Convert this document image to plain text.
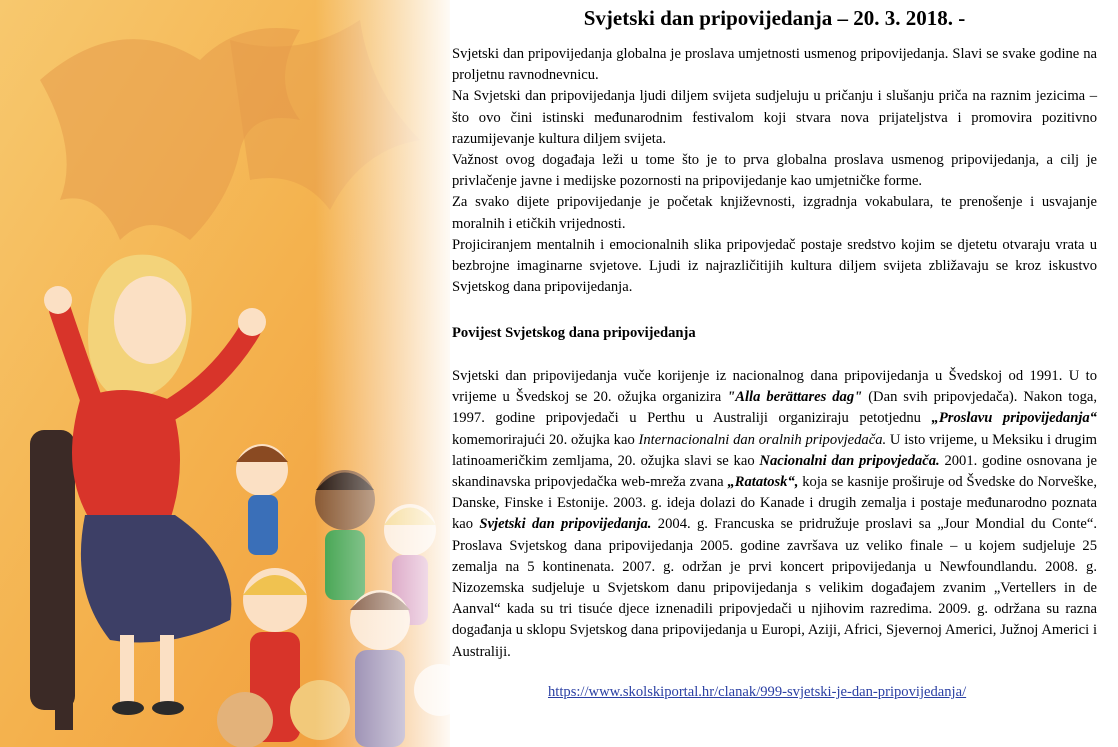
Svjetski dan pripovijedanja – 20. 3. 2018. -

Svjetski dan pripovijedanja globalna je proslava umjetnosti usmenog pripovijedanja. Slavi se svake godine na proljetnu ravnodnevnicu.

Na Svjetski dan pripovijedanja ljudi diljem svijeta sudjeluju u pričanju i slušanju priča na raznim jezicima – što ovo čini istinski međunarodnim festivalom koji stvara nova prijateljstva i promovira pozitivno razumijevanje kultura diljem svijeta.

Važnost ovog događaja leži u tome što je to prva globalna proslava usmenog pripovijedanja, a cilj je privlačenje javne i medijske pozornosti na pripovijedanje kao umjetničke forme.

Za svako dijete pripovijedanje je početak književnosti, izgradnja vokabulara, te prenošenje i usvajanje moralnih i etičkih vrijednosti.

Projiciranjem mentalnih i emocionalnih slika pripovjedač postaje sredstvo kojim se djetetu otvaraju vrata u bezbrojne imaginarne svjetove. Ljudi iz najrazličitijih kultura diljem svijeta zbližavaju se kroz iskustvo Svjetskog dana pripovijedanja.

Povijest Svjetskog dana pripovijedanja

Svjetski dan pripovijedanja vuče korijenje iz nacionalnog dana pripovijedanja u Švedskoj od 1991. U to vrijeme u Švedskoj se 20. ožujka organizira "Alla berättares dag" (Dan svih pripovjedača). Nakon toga, 1997. godine pripovjedači u Perthu u Australiji organiziraju petotjednu „Proslavu pripovijedanja“ komemorirajući 20. ožujka kao Internacionalni dan oralnih pripovjedača. U isto vrijeme, u Meksiku i drugim latinoameričkim zemljama, 20. ožujka slavi se kao Nacionalni dan pripovjedača. 2001. godine osnovana je skandinavska pripovjedačka web-mreža zvana „Ratatosk“, koja se kasnije proširuje od Švedske do Norveške, Danske, Finske i Estonije. 2003. g. ideja dolazi do Kanade i drugih zemalja i postaje međunarodno poznata kao Svjetski dan pripovijedanja. 2004. g. Francuska se pridružuje proslavi sa „Jour Mondial du Conte“. Proslava Svjetskog dana pripovijedanja 2005. godine završava uz veliko finale – u kojem sudjeluje 25 zemalja na 5 kontinenata. 2007. g. održan je prvi koncert pripovijedanja u Newfoundlandu. 2008. g. Nizozemska sudjeluje u Svjetskom danu pripovijedanja s velikim događajem zvanim „Vertellers in de Aanval“ kada su tri tisuće djece iznenadili pripovjedači u njihovim razredima. 2009. g. održana su razna događanja u sklopu Svjetskog dana pripovijedanja u Europi, Aziji, Africi, Sjevernoj Americi, Južnoj Americi i Australiji.

https://www.skolskiportal.hr/clanak/999-svjetski-je-dan-pripovijedanja/
